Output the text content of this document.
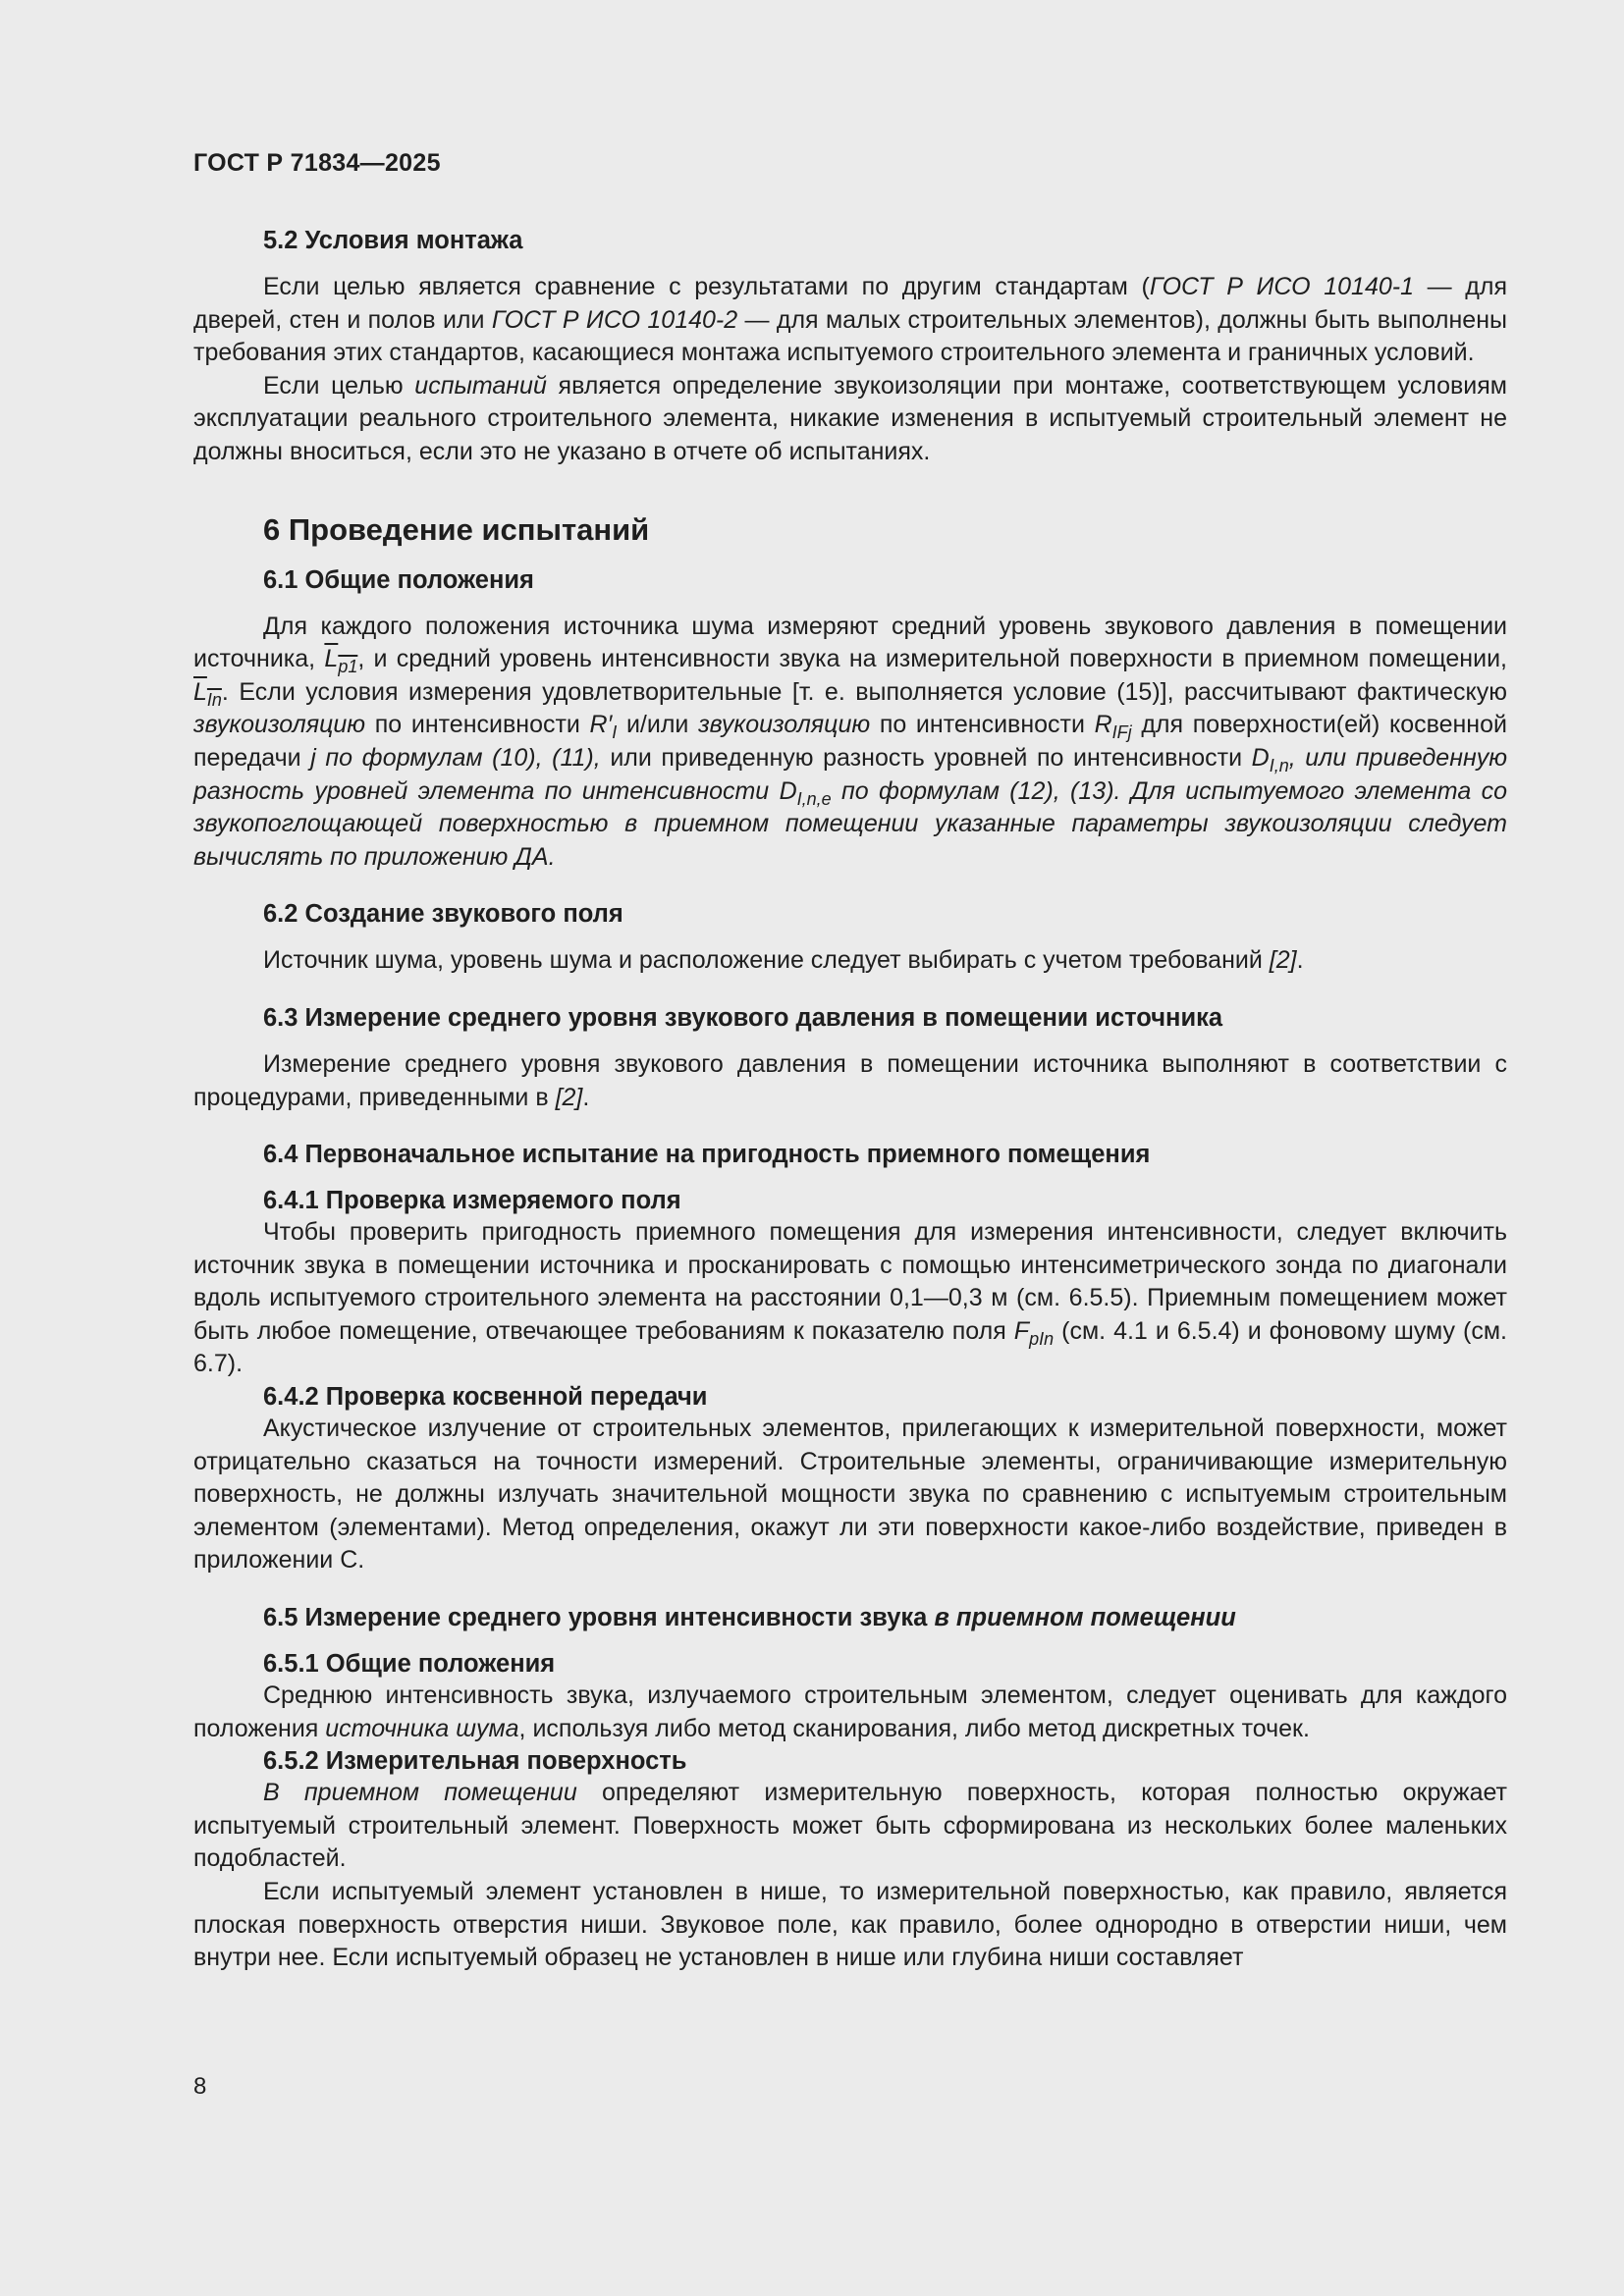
ГОСТ Р 71834—2025
5.2 Условия монтажа

Если целью является сравнение с результатами по другим стандартам (ГОСТ Р ИСО 10140-1 — для дверей, стен и полов или ГОСТ Р ИСО 10140-2 — для малых строительных элементов), должны быть выполнены требования этих стандартов, касающиеся монтажа испытуемого строительного элемента и граничных условий.

Если целью испытаний является определение звукоизоляции при монтаже, соответствующем условиям эксплуатации реального строительного элемента, никакие изменения в испытуемый строительный элемент не должны вноситься, если это не указано в отчете об испытаниях.

6 Проведение испытаний
6.1 Общие положения

Для каждого положения источника шума измеряют средний уровень звукового давления в помещении источника, $L_{p1}$, и средний уровень интенсивности звука на измерительной поверхности в приемном помещении, $L_{In}$. Если условия измерения удовлетворительные [т. е. выполняется условие (15)], рассчитывают фактическую звукоизоляцию по интенсивности $R'_I$ и/или звукоизоляцию по интенсивности $R_{IFj}$ для поверхности(ей) косвенной передачи j по формулам (10), (11), или приведенную разность уровней по интенсивности $D_{I,n}$, или приведенную разность уровней элемента по интенсивности $D_{I,n,e}$ по формулам (12), (13). Для испытуемого элемента со звукопоглощающей поверхностью в приемном помещении указанные параметры звукоизоляции следует вычислять по приложению ДА.

6.2 Создание звукового поля

Источник шума, уровень шума и расположение следует выбирать с учетом требований [2].

6.3 Измерение среднего уровня звукового давления в помещении источника

Измерение среднего уровня звукового давления в помещении источника выполняют в соответствии с процедурами, приведенными в [2].

6.4 Первоначальное испытание на пригодность приемного помещения
6.4.1 Проверка измеряемого поля

Чтобы проверить пригодность приемного помещения для измерения интенсивности, следует включить источник звука в помещении источника и просканировать с помощью интенсиметрического зонда по диагонали вдоль испытуемого строительного элемента на расстоянии 0,1—0,3 м (см. 6.5.5). Приемным помещением может быть любое помещение, отвечающее требованиям к показателю поля $F_{pIn}$ (см. 4.1 и 6.5.4) и фоновому шуму (см. 6.7).

6.4.2 Проверка косвенной передачи

Акустическое излучение от строительных элементов, прилегающих к измерительной поверхности, может отрицательно сказаться на точности измерений. Строительные элементы, ограничивающие измерительную поверхность, не должны излучать значительной мощности звука по сравнению с испытуемым строительным элементом (элементами). Метод определения, окажут ли эти поверхности какое-либо воздействие, приведен в приложении С.

6.5 Измерение среднего уровня интенсивности звука в приемном помещении
6.5.1 Общие положения

Среднюю интенсивность звука, излучаемого строительным элементом, следует оценивать для каждого положения источника шума, используя либо метод сканирования, либо метод дискретных точек.

6.5.2 Измерительная поверхность

В приемном помещении определяют измерительную поверхность, которая полностью окружает испытуемый строительный элемент. Поверхность может быть сформирована из нескольких более маленьких подобластей.

Если испытуемый элемент установлен в нише, то измерительной поверхностью, как правило, является плоская поверхность отверстия ниши. Звуковое поле, как правило, более однородно в отверстии ниши, чем внутри нее. Если испытуемый образец не установлен в нише или глубина ниши составляет

8
